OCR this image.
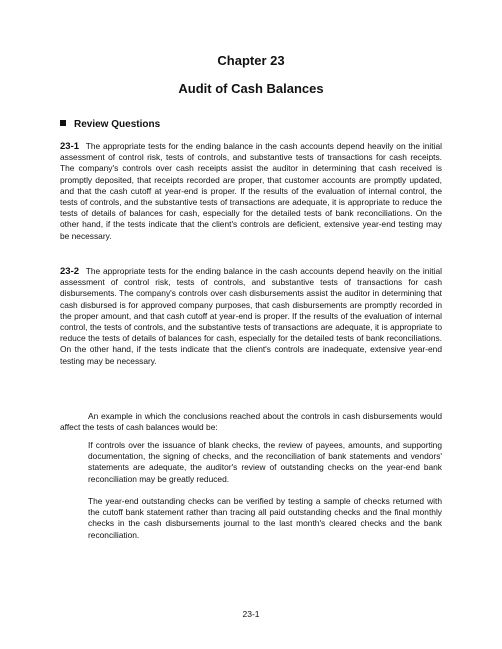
Chapter 23
Audit of Cash Balances
Review Questions
23-1 The appropriate tests for the ending balance in the cash accounts depend heavily on the initial assessment of control risk, tests of controls, and substantive tests of transactions for cash receipts. The company's controls over cash receipts assist the auditor in determining that cash received is promptly deposited, that receipts recorded are proper, that customer accounts are promptly updated, and that the cash cutoff at year-end is proper. If the results of the evaluation of internal control, the tests of controls, and the substantive tests of transactions are adequate, it is appropriate to reduce the tests of details of balances for cash, especially for the detailed tests of bank reconciliations. On the other hand, if the tests indicate that the client's controls are deficient, extensive year-end testing may be necessary.
23-2 The appropriate tests for the ending balance in the cash accounts depend heavily on the initial assessment of control risk, tests of controls, and substantive tests of transactions for cash disbursements. The company's controls over cash disbursements assist the auditor in determining that cash disbursed is for approved company purposes, that cash disbursements are promptly recorded in the proper amount, and that cash cutoff at year-end is proper. If the results of the evaluation of internal control, the tests of controls, and the substantive tests of transactions are adequate, it is appropriate to reduce the tests of details of balances for cash, especially for the detailed tests of bank reconciliations. On the other hand, if the tests indicate that the client's controls are inadequate, extensive year-end testing may be necessary.
An example in which the conclusions reached about the controls in cash disbursements would affect the tests of cash balances would be:
If controls over the issuance of blank checks, the review of payees, amounts, and supporting documentation, the signing of checks, and the reconciliation of bank statements and vendors' statements are adequate, the auditor's review of outstanding checks on the year-end bank reconciliation may be greatly reduced.
The year-end outstanding checks can be verified by testing a sample of checks returned with the cutoff bank statement rather than tracing all paid outstanding checks and the final monthly checks in the cash disbursements journal to the last month's cleared checks and the bank reconciliation.
23-1
